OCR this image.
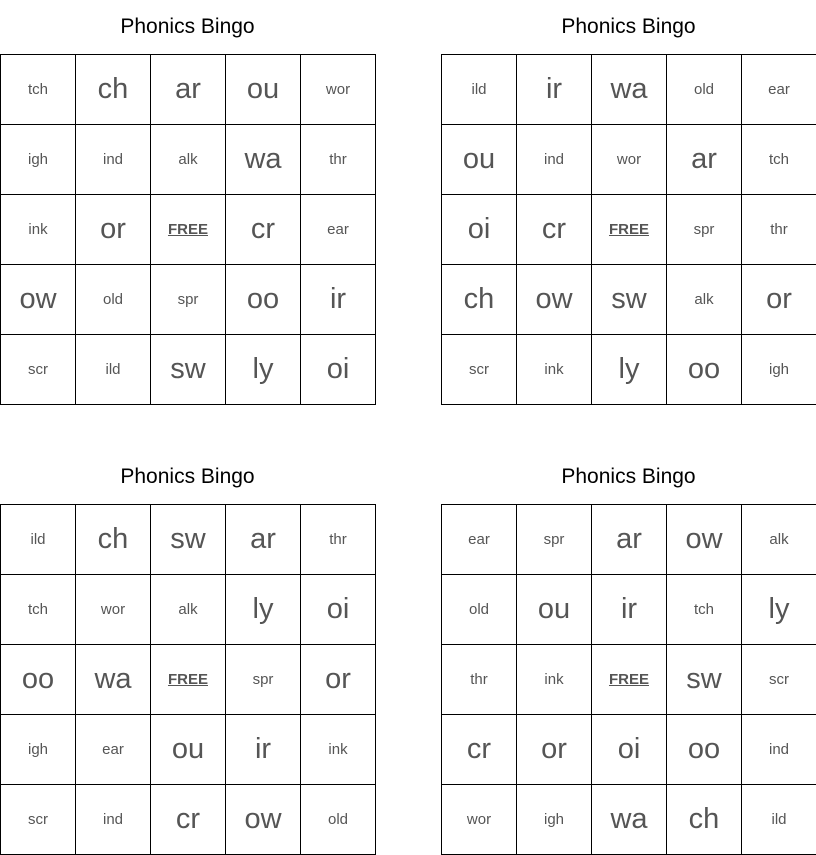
Phonics Bingo
tch	ch	ar	ou	wor
igh	ind	alk	wa	thr
ink	or	FREE	cr	ear
ow	old	spr	oo	ir
scr	ild	sw	ly	oi
Phonics Bingo
ild	ir	wa	old	ear
ou	ind	wor	ar	tch
oi	cr	FREE	spr	thr
ch	ow	sw	alk	or
scr	ink	ly	oo	igh
Phonics Bingo
ild	ch	sw	ar	thr
tch	wor	alk	ly	oi
oo	wa	FREE	spr	or
igh	ear	ou	ir	ink
scr	ind	cr	ow	old
Phonics Bingo
ear	spr	ar	ow	alk
old	ou	ir	tch	ly
thr	ink	FREE	sw	scr
cr	or	oi	oo	ind
wor	igh	wa	ch	ild
